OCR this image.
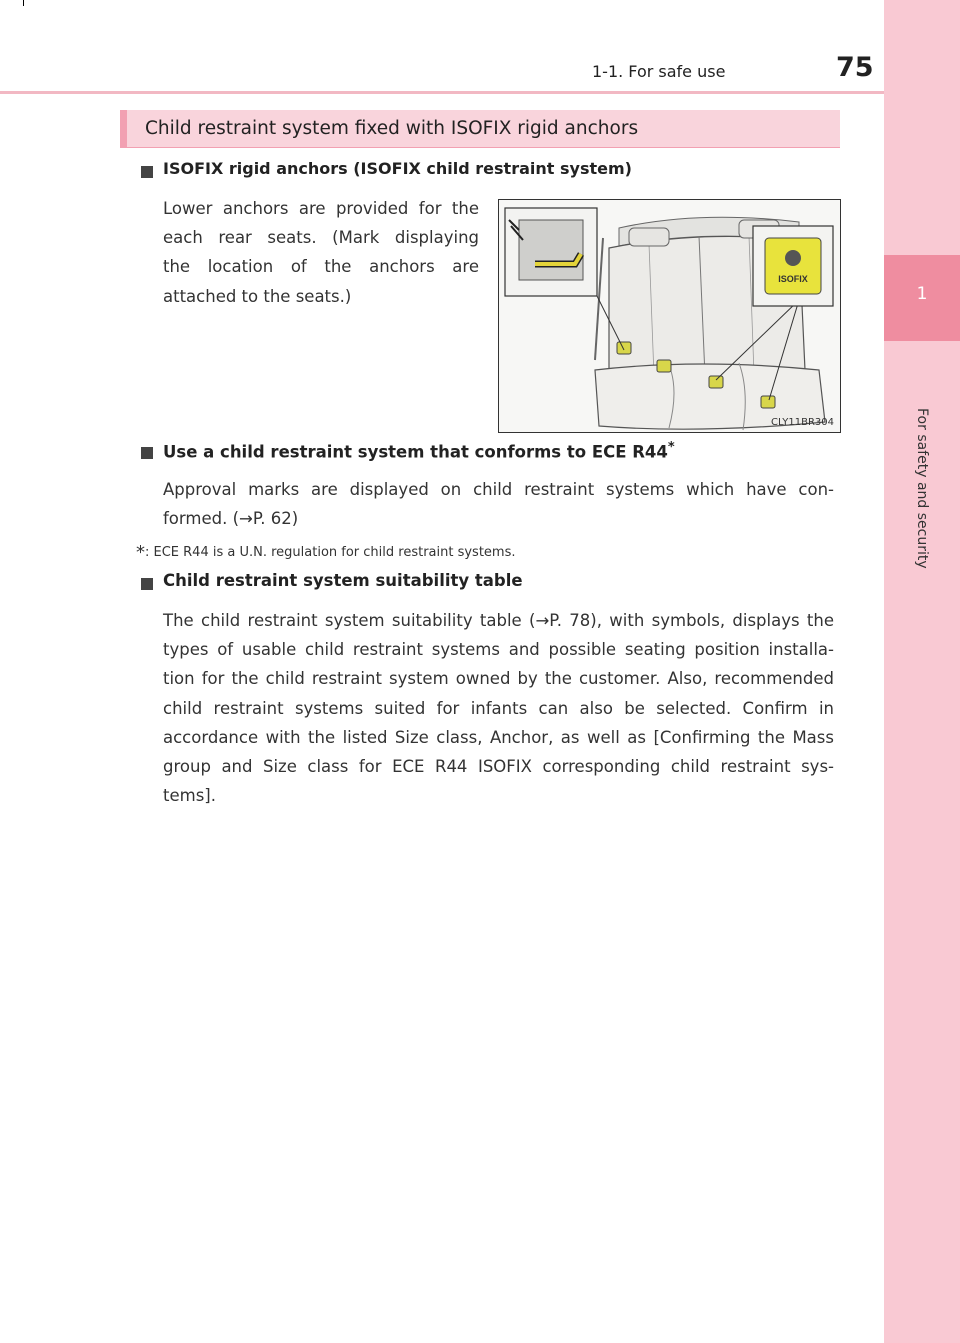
1
For safety and security
1-1. For safe use	75
Child restraint system fixed with ISOFIX rigid anchors
ISOFIX rigid anchors (ISOFIX child restraint system)
Lower anchors are provided for the
each rear seats. (Mark displaying
the location of the anchors are
attached to the seats.)
ISOFIX
CLY11BR304
Use a child restraint system that conforms to ECE R44*
Approval marks are displayed on child restraint systems which have con-
formed. (→P. 62)
*: ECE R44 is a U.N. regulation for child restraint systems.
Child restraint system suitability table
The child restraint system suitability table (→P. 78), with symbols, displays the
types of usable child restraint systems and possible seating position installa-
tion for the child restraint system owned by the customer. Also, recommended
child restraint systems suited for infants can also be selected. Confirm in
accordance with the listed Size class, Anchor, as well as [Confirming the Mass
group and Size class for ECE R44 ISOFIX corresponding child restraint sys-
tems].
